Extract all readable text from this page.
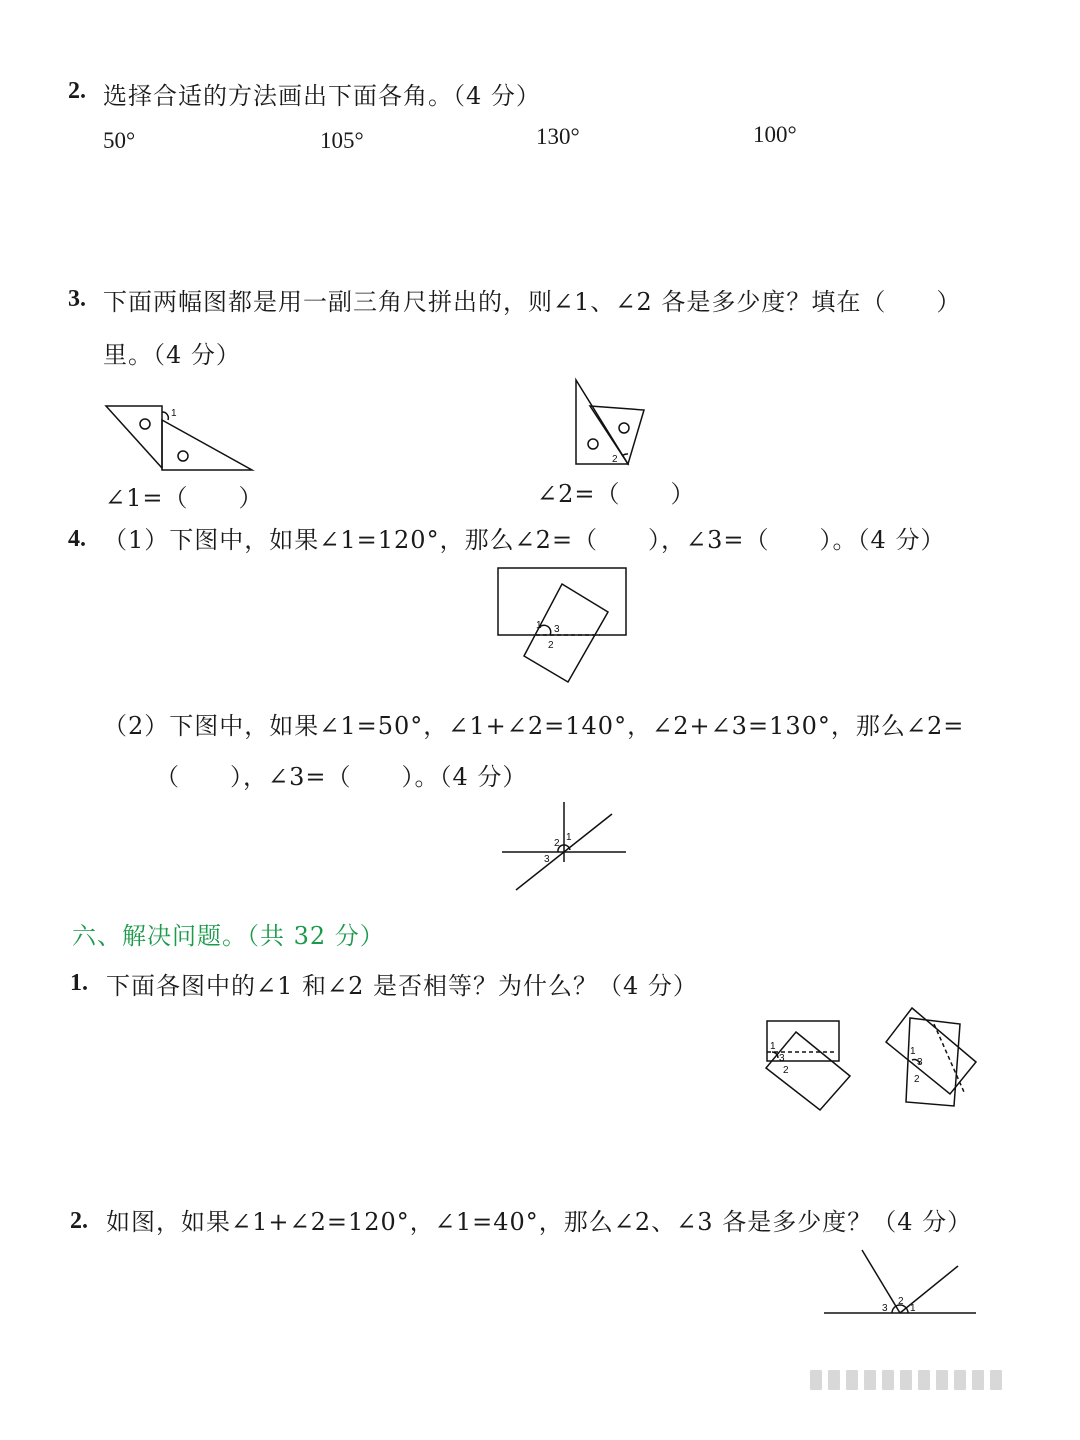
2. 选择合适的方法画出下面各角。（4 分）
50°	105°	130°	100°
3. 下面两幅图都是用一副三角尺拼出的，则∠1、∠2 各是多少度？填在（　　）
里。（4 分）
1
∠1=（　　）
2
∠2=（　　）
4. （1）下图中，如果∠1=120°，那么∠2=（　　），∠3=（　　）。（4 分）
1
2
3
（2）下图中，如果∠1=50°，∠1+∠2=140°，∠2+∠3=130°，那么∠2=
（　　），∠3=（　　）。（4 分）
1
2
3
六、解决问题。（共 32 分）
1. 下面各图中的∠1 和∠2 是否相等？为什么？（4 分）
1
2
3
1
2
3
2. 如图，如果∠1+∠2=120°，∠1=40°，那么∠2、∠3 各是多少度？（4 分）
1
2
3
